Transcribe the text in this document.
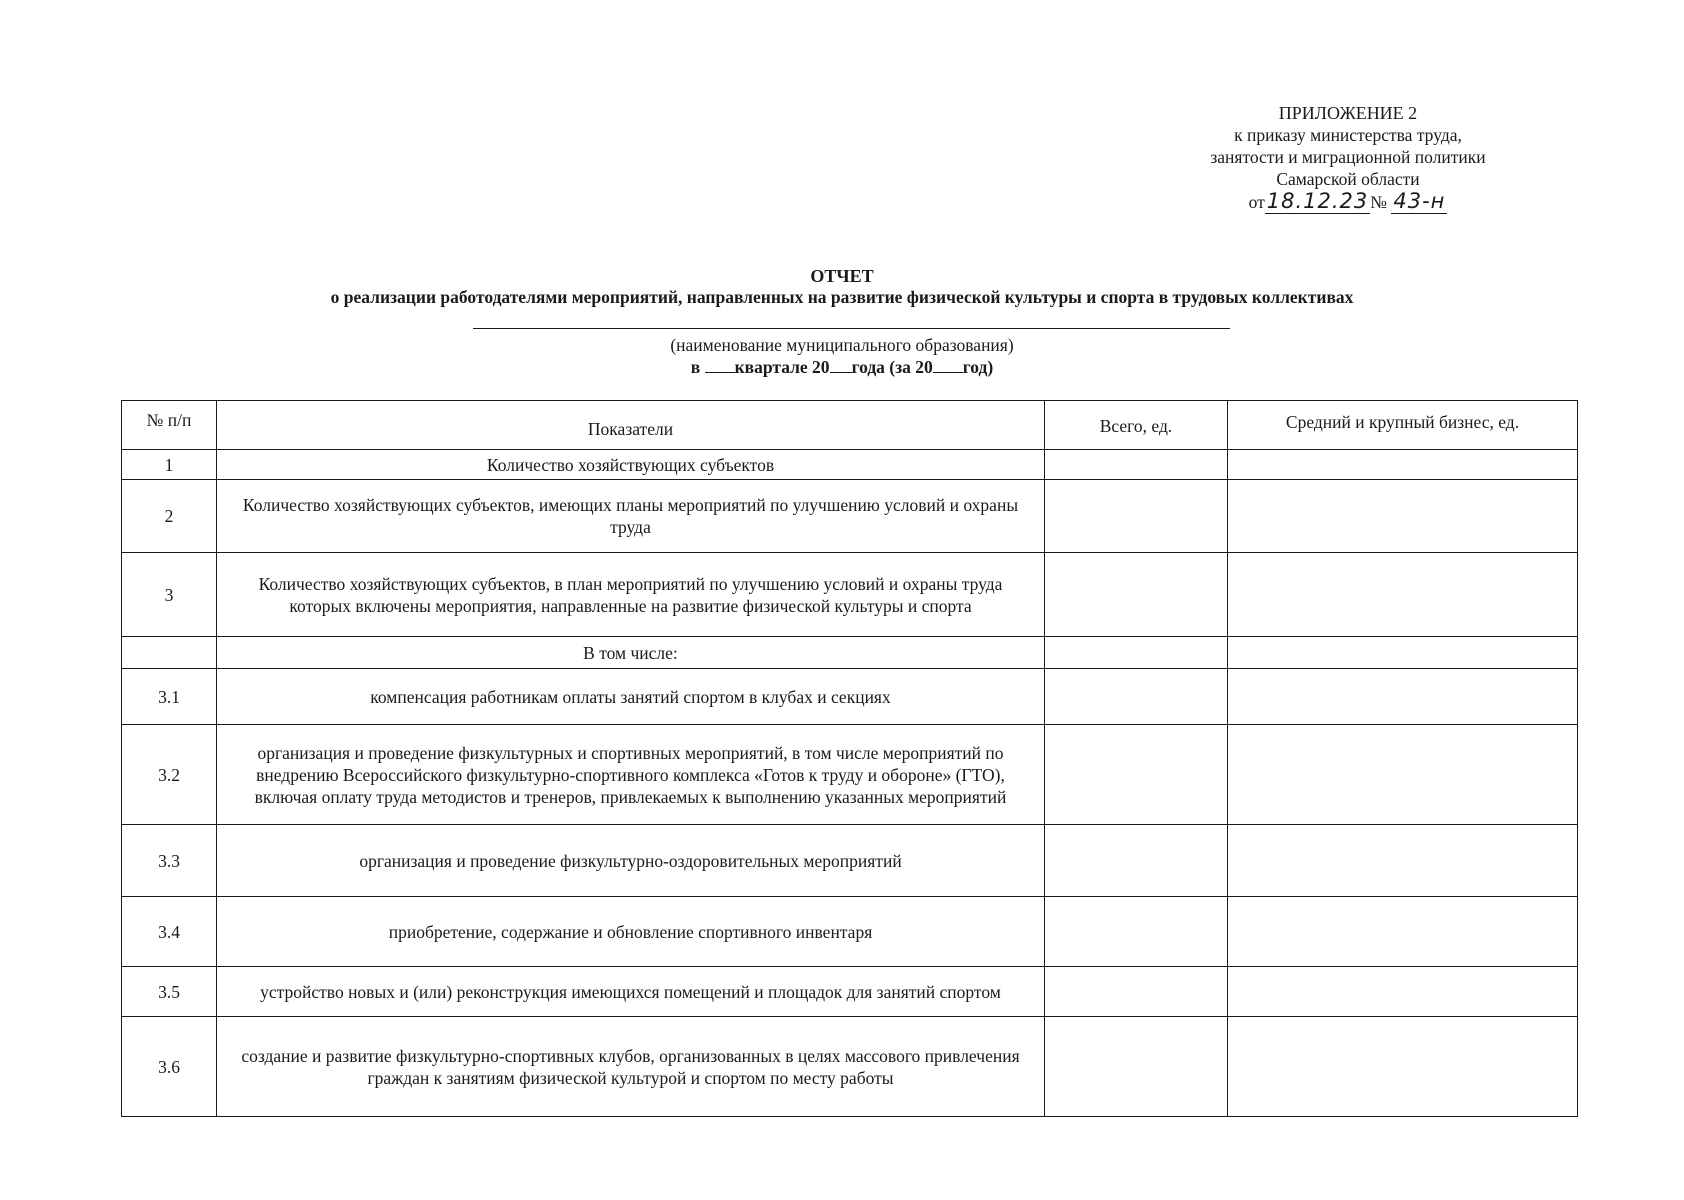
ПРИЛОЖЕНИЕ 2
к приказу министерства труда,
занятости и миграционной политики
Самарской области
от18.12.23 № 43-н
ОТЧЕТ
о реализации работодателями мероприятий, направленных на развитие физической культуры и спорта в трудовых коллективах
(наименование муниципального образования)
в квартале 20 года (за 20 год)
№ п/п	Показатели	Всего, ед.	Средний и крупный бизнес, ед.
1	Количество хозяйствующих субъектов		
2	Количество хозяйствующих субъектов, имеющих планы мероприятий по улучшению условий и охраны труда		
3	Количество хозяйствующих субъектов, в план мероприятий по улучшению условий и охраны труда которых включены мероприятия, направленные на развитие физической культуры и спорта		
	В том числе:		
3.1	компенсация работникам оплаты занятий спортом в клубах и секциях		
3.2	организация и проведение физкультурных и спортивных мероприятий, в том числе мероприятий по внедрению Всероссийского физкультурно-спортивного комплекса «Готов к труду и обороне» (ГТО), включая оплату труда методистов и тренеров, привлекаемых к выполнению указанных мероприятий		
3.3	организация и проведение физкультурно-оздоровительных мероприятий		
3.4	приобретение, содержание и обновление спортивного инвентаря		
3.5	устройство новых и (или) реконструкция имеющихся помещений и площадок для занятий спортом		
3.6	создание и развитие физкультурно-спортивных клубов, организованных в целях массового привлечения граждан к занятиям физической культурой и спортом по месту работы		
